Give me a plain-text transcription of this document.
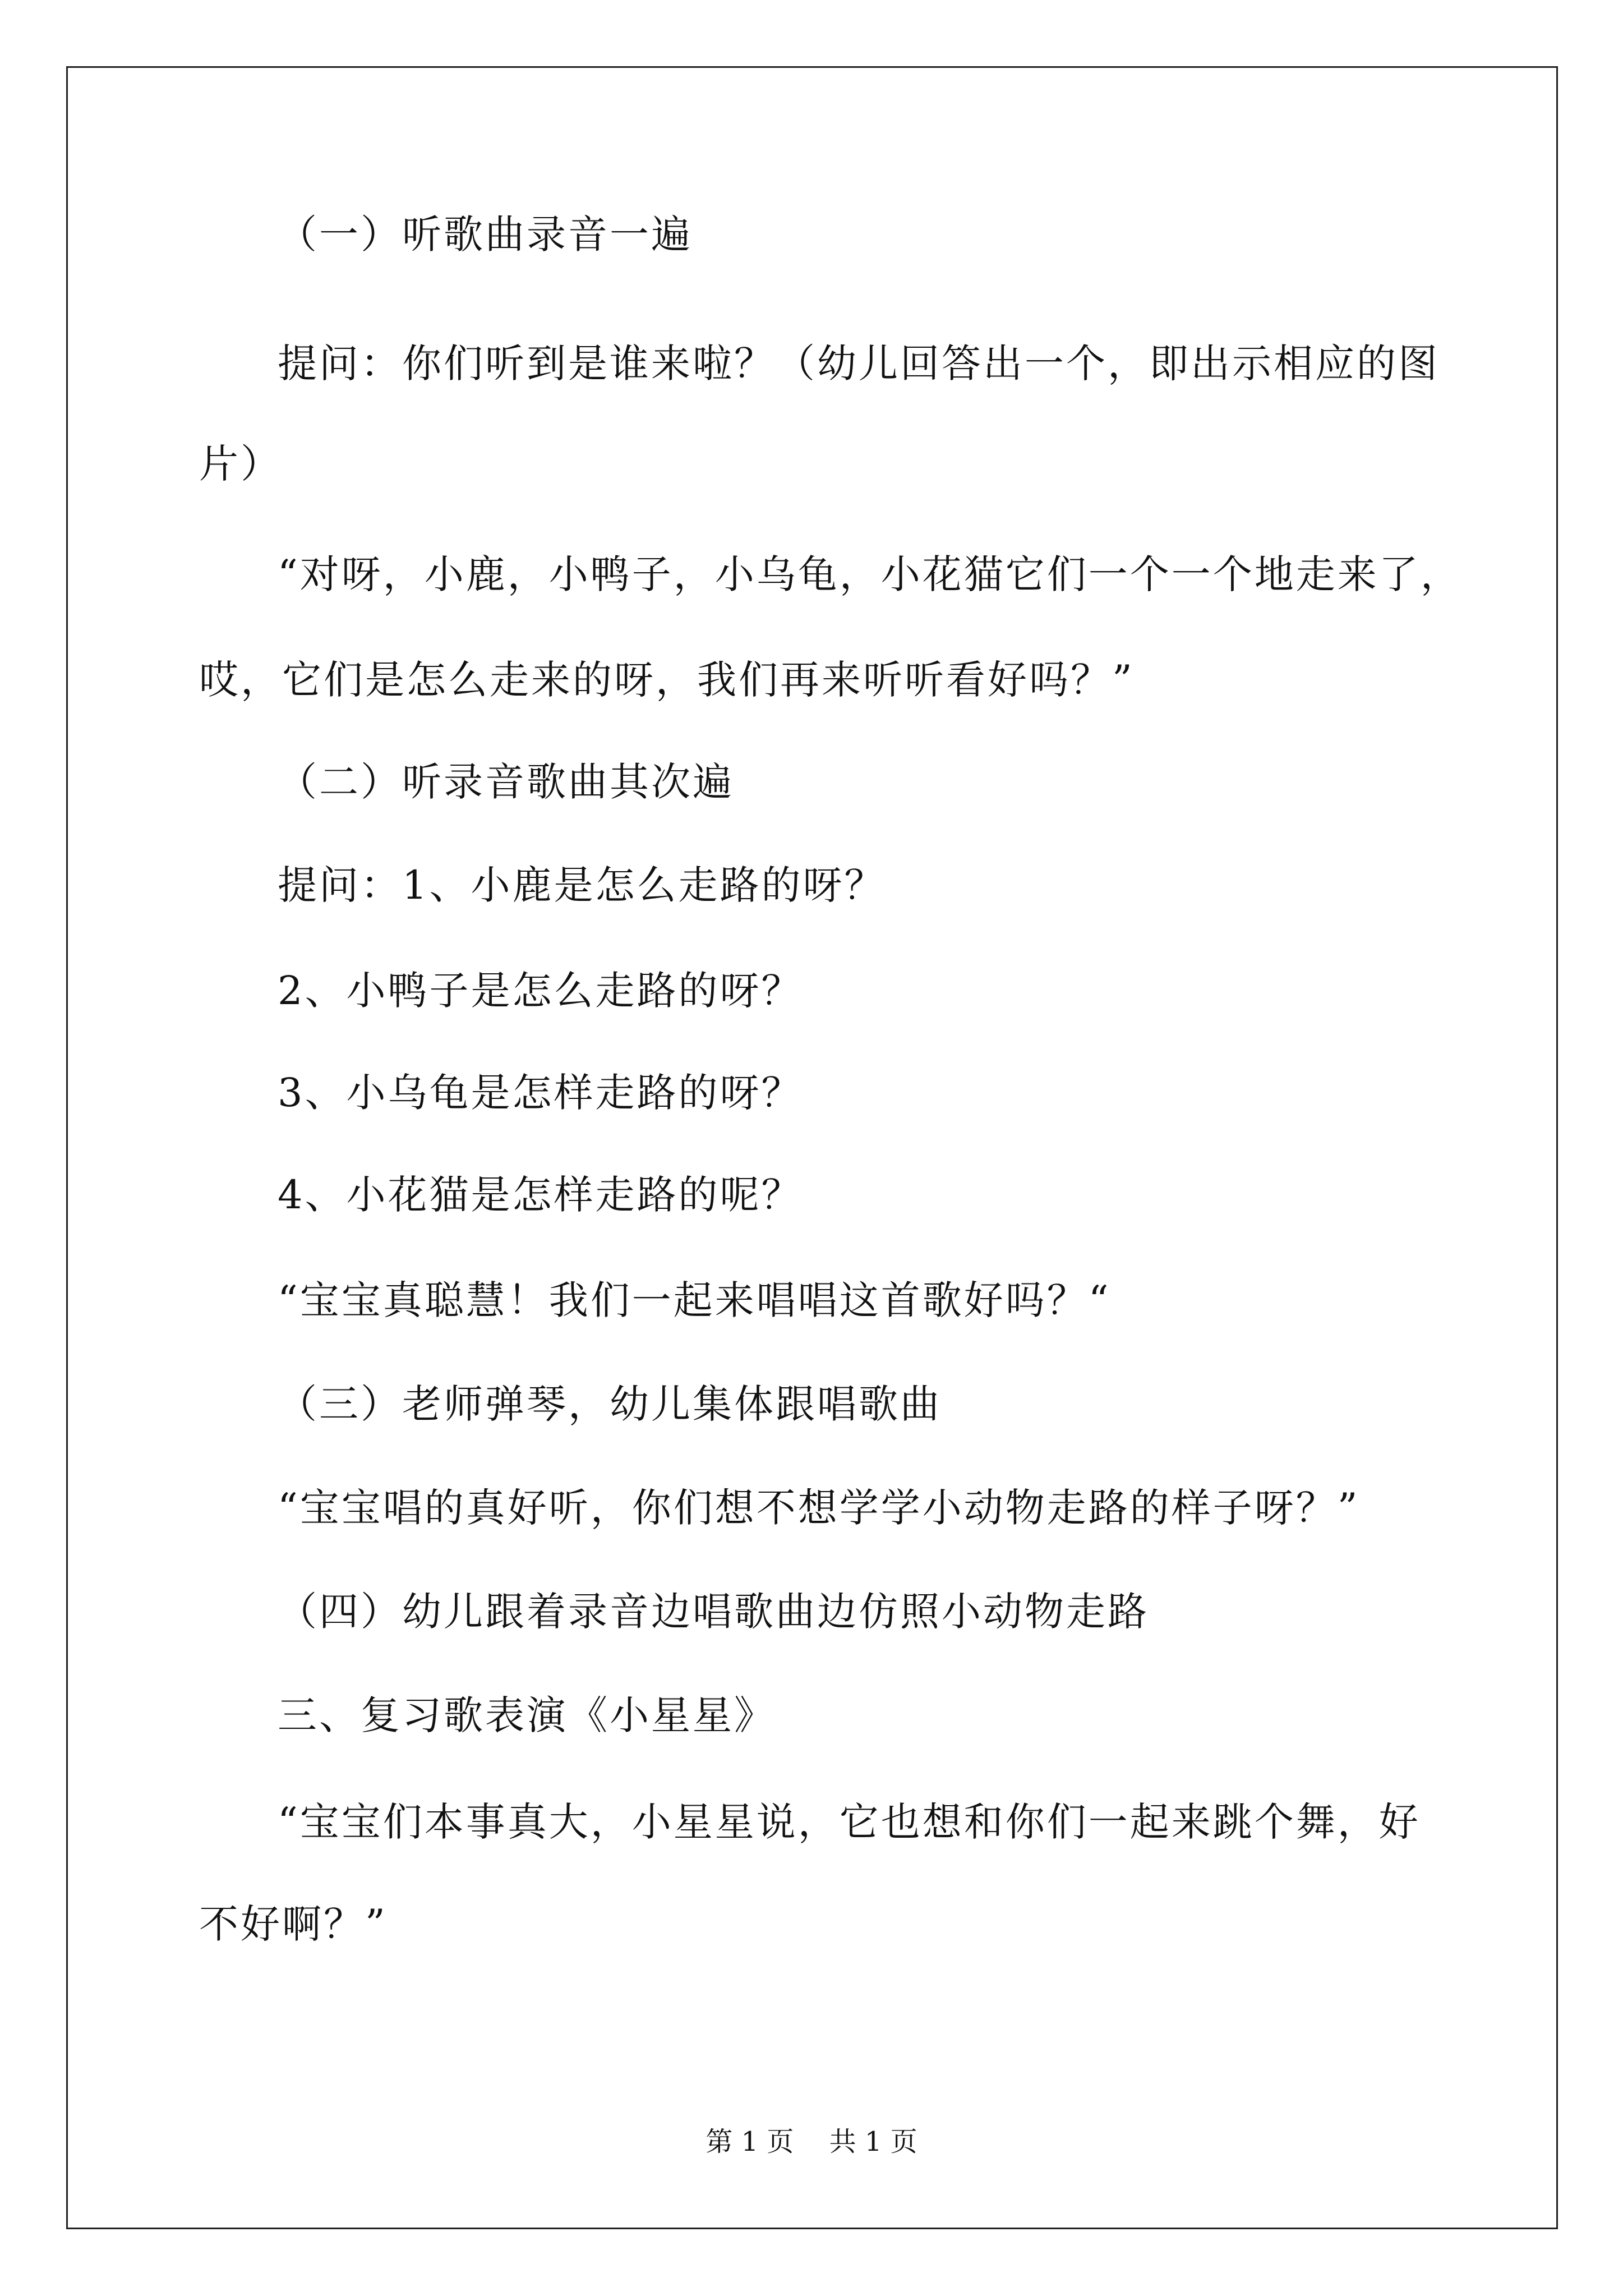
（一）听歌曲录音一遍

提问：你们听到是谁来啦？（幼儿回答出一个，即出示相应的图

片）

“对呀，小鹿，小鸭子，小乌龟，小花猫它们一个一个地走来了，

哎，它们是怎么走来的呀，我们再来听听看好吗？”

（二）听录音歌曲其次遍

提问：1、小鹿是怎么走路的呀？

2、小鸭子是怎么走路的呀？

3、小乌龟是怎样走路的呀？

4、小花猫是怎样走路的呢？

“宝宝真聪慧！我们一起来唱唱这首歌好吗？“

（三）老师弹琴，幼儿集体跟唱歌曲

“宝宝唱的真好听，你们想不想学学小动物走路的样子呀？”

（四）幼儿跟着录音边唱歌曲边仿照小动物走路

三、复习歌表演《小星星》

“宝宝们本事真大，小星星说，它也想和你们一起来跳个舞，好

不好啊？”

第 1 页　 共 1 页
